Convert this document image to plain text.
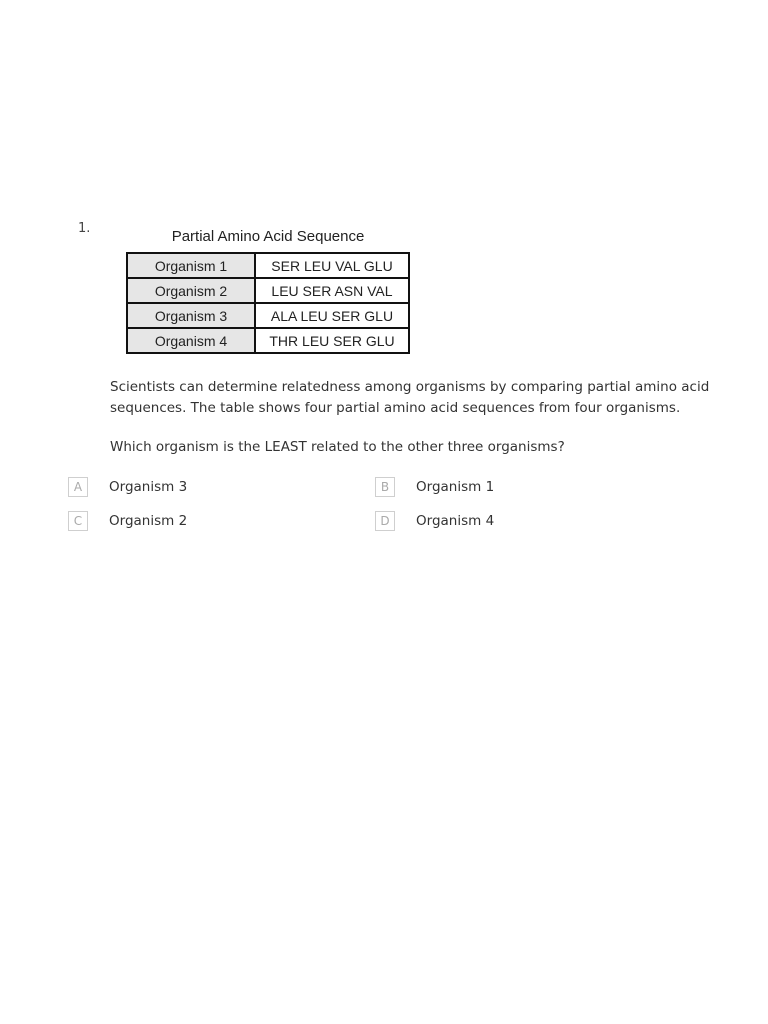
1.	Partial Amino Acid Sequence
Organism 1	SER LEU VAL GLU
Organism 2	LEU SER ASN VAL
Organism 3	ALA LEU SER GLU
Organism 4	THR LEU SER GLU
Scientists can determine relatedness among organisms by comparing partial amino acid
sequences. The table shows four partial amino acid sequences from four organisms.
Which organism is the LEAST related to the other three organisms?
A	Organism 3	B	Organism 1
C	Organism 2	D	Organism 4
